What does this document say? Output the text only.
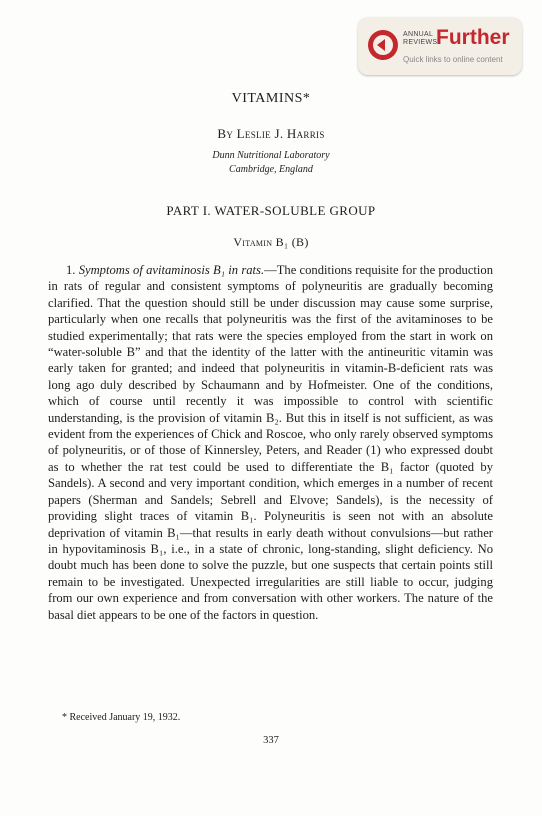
ANNUAL
REVIEWS
Further
Quick links to online content
VITAMINS*
By Leslie J. Harris
Dunn Nutritional Laboratory
Cambridge, England
PART I. WATER-SOLUBLE GROUP
Vitamin B₁ (B)
1. Symptoms of avitaminosis B₁ in rats.—The conditions requisite for the production in rats of regular and consistent symptoms of polyneuritis are gradually becoming clarified. That the question should still be under discussion may cause some surprise, particularly when one recalls that polyneuritis was the first of the avitaminoses to be studied experimentally; that rats were the species employed from the start in work on “water-soluble B” and that the identity of the latter with the antineuritic vitamin was early taken for granted; and indeed that polyneuritis in vitamin-B-deficient rats was long ago duly described by Schaumann and by Hofmeister. One of the conditions, which of course until recently it was impossible to control with scientific understanding, is the provision of vitamin B₂. But this in itself is not sufficient, as was evident from the experiences of Chick and Roscoe, who only rarely observed symptoms of polyneuritis, or of those of Kinnersley, Peters, and Reader (1) who expressed doubt as to whether the rat test could be used to differentiate the B₁ factor (quoted by Sandels). A second and very important condition, which emerges in a number of recent papers (Sherman and Sandels; Sebrell and Elvove; Sandels), is the necessity of providing slight traces of vitamin B₁. Polyneuritis is seen not with an absolute deprivation of vitamin B₁—that results in early death without convulsions—but rather in hypovitaminosis B₁, i.e., in a state of chronic, long-standing, slight deficiency. No doubt much has been done to solve the puzzle, but one suspects that certain points still remain to be investigated. Unexpected irregularities are still liable to occur, judging from our own experience and from conversation with other workers. The nature of the basal diet appears to be one of the factors in question.
* Received January 19, 1932.
337
